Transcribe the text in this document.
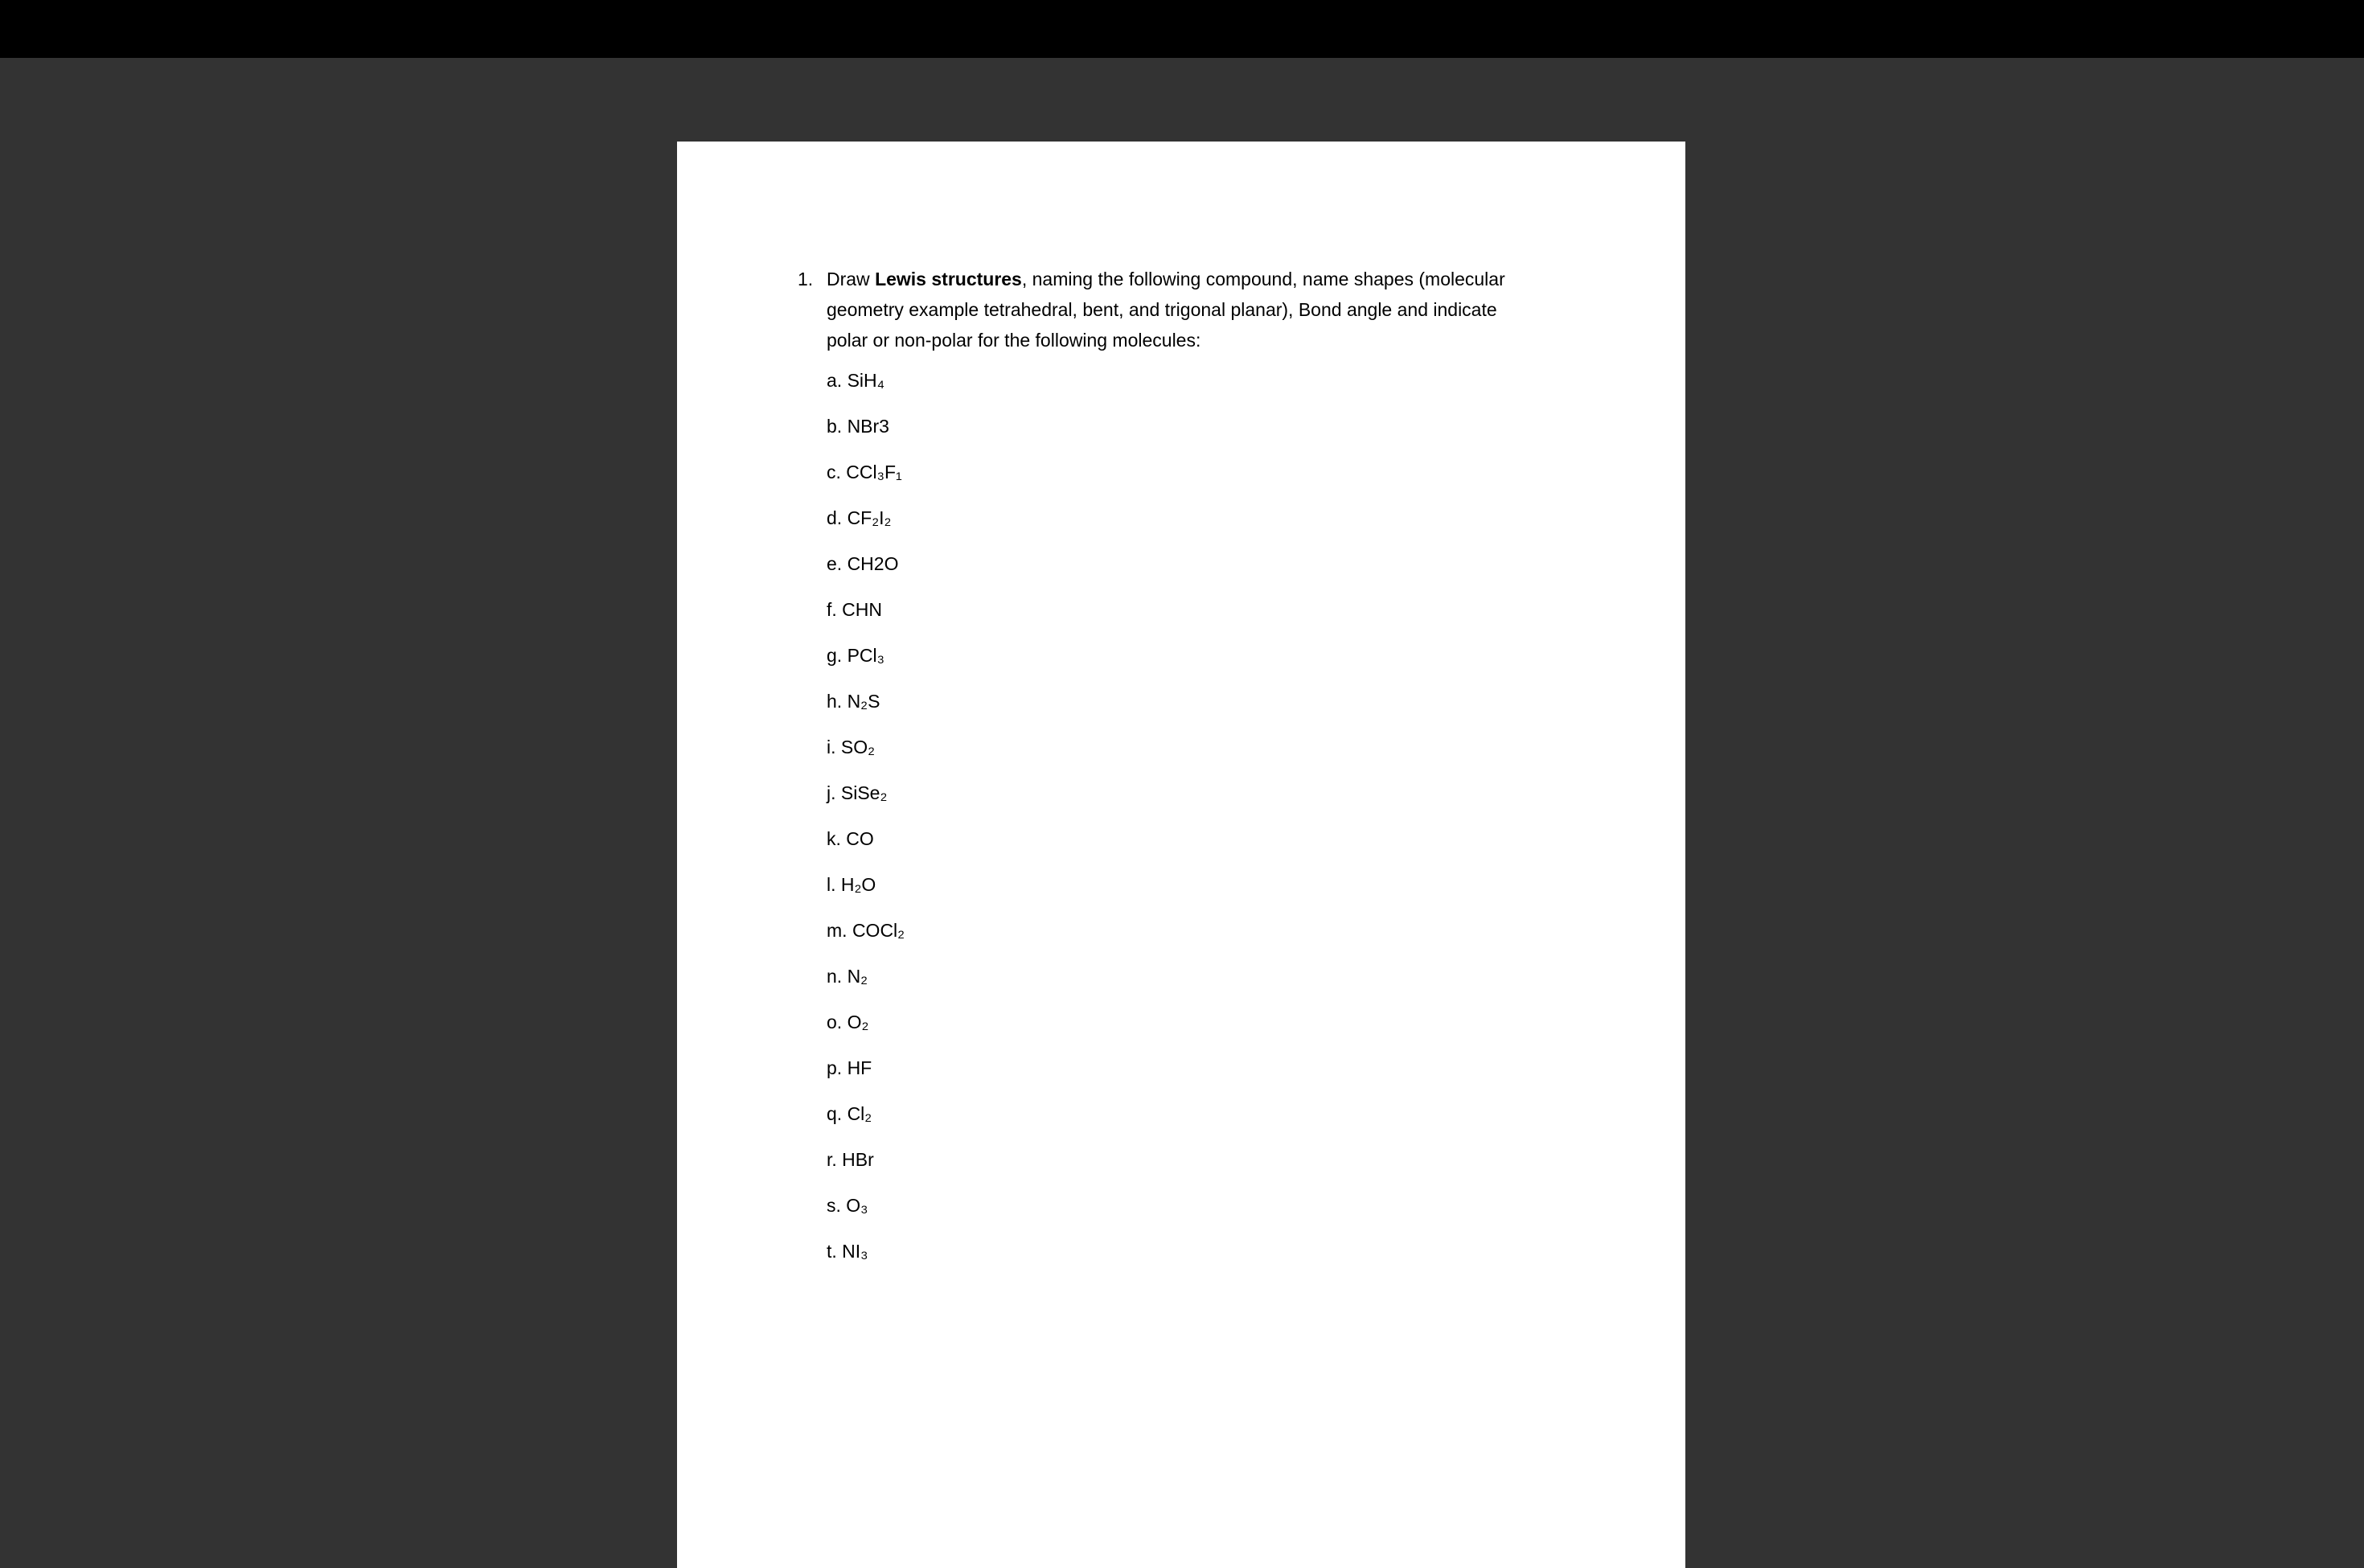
1. Draw Lewis structures, naming the following compound, name shapes (molecular geometry example tetrahedral, bent, and trigonal planar), Bond angle and indicate polar or non-polar for the following molecules:

a. SiH₄
b. NBr3
c. CCl₃F₁
d. CF₂I₂
e. CH2O
f. CHN
g. PCl₃
h. N₂S
i. SO₂
j. SiSe₂
k. CO
l. H₂O
m. COCl₂
n. N₂
o. O₂
p. HF
q. Cl₂
r. HBr
s. O₃
t. NI₃
